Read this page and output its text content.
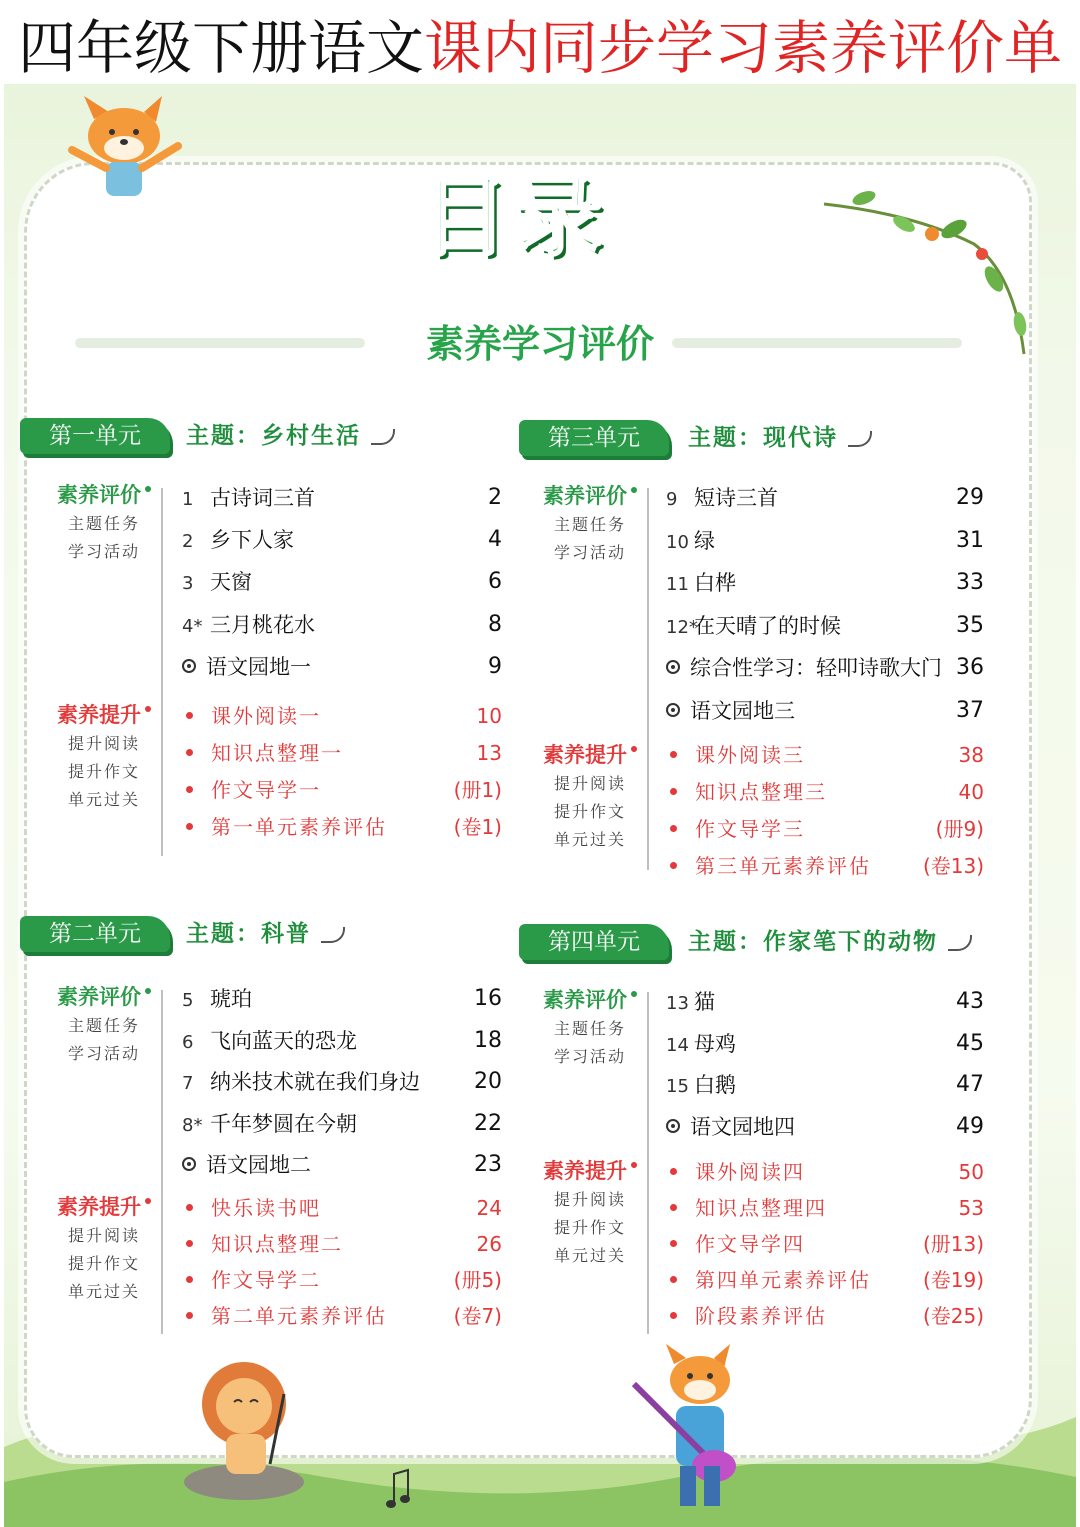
四年级下册语文课内同步学习素养评价单
目录
素养学习评价
第一单元	主题：乡村生活
素养评价
主题任务
学习活动
1 古诗词三首	2
2 乡下人家	4
3 天窗	6
4* 三月桃花水	8
语文园地一	9
素养提升
提升阅读
提升作文
单元过关
课外阅读一	10
知识点整理一	13
作文导学一	(册1)
第一单元素养评估	(卷1)
第二单元	主题：科普
素养评价
主题任务
学习活动
5 琥珀	16
6 飞向蓝天的恐龙	18
7 纳米技术就在我们身边 20
8* 千年梦圆在今朝	22
语文园地二	23
素养提升
提升阅读
提升作文
单元过关
快乐读书吧	24
知识点整理二	26
作文导学二	(册5)
第二单元素养评估	(卷7)
第三单元	主题：现代诗
素养评价
主题任务
学习活动
9 短诗三首	29
10 绿	31
11 白桦	33
12*在天晴了的时候	35
综合性学习：轻叩诗歌大门 36
语文园地三	37
素养提升
提升阅读
提升作文
单元过关
课外阅读三	38
知识点整理三	40
作文导学三	(册9)
第三单元素养评估	(卷13)
第四单元	主题：作家笔下的动物
素养评价
主题任务
学习活动
13 猫	43
14 母鸡	45
15 白鹅	47
语文园地四	49
素养提升
提升阅读
提升作文
单元过关
课外阅读四	50
知识点整理四	53
作文导学四	(册13)
第四单元素养评估	(卷19)
阶段素养评估	(卷25)
